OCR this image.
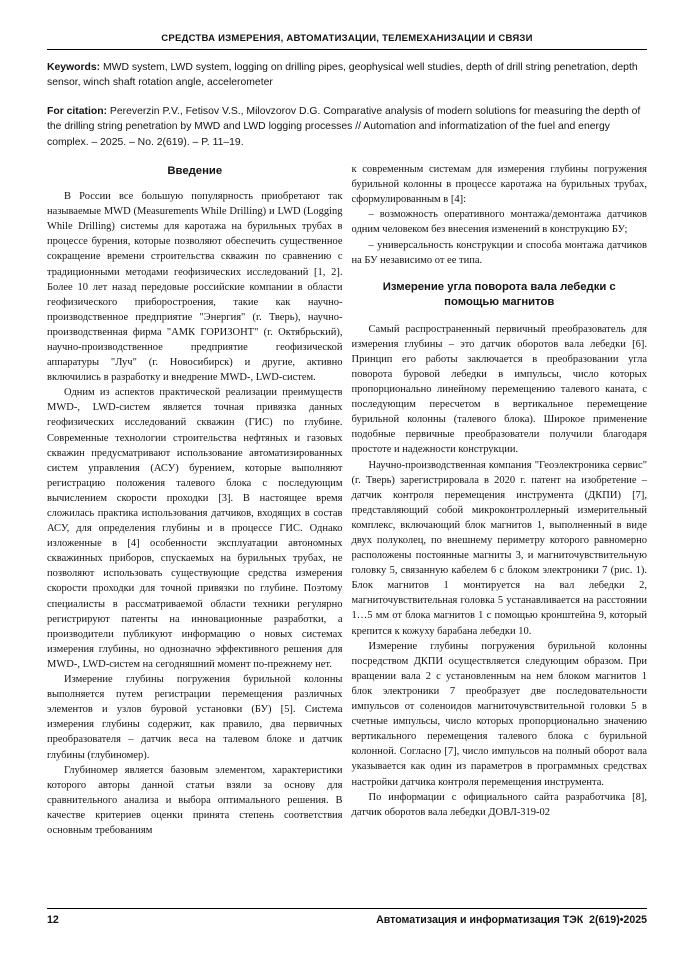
СРЕДСТВА ИЗМЕРЕНИЯ, АВТОМАТИЗАЦИИ, ТЕЛЕМЕХАНИЗАЦИИ И СВЯЗИ

Keywords: MWD system, LWD system, logging on drilling pipes, geophysical well studies, depth of drill string penetration, depth sensor, winch shaft rotation angle, accelerometer

For citation: Pereverzin P.V., Fetisov V.S., Milovzorov D.G. Comparative analysis of modern solutions for measuring the depth of the drilling string penetration by MWD and LWD logging processes // Automation and informatization of the fuel and energy complex. – 2025. – No. 2(619). – P. 11–19.

Введение

В России все большую популярность приобретают так называемые MWD (Measurements While Drilling) и LWD (Logging While Drilling) системы для каротажа на бурильных трубах в процессе бурения, которые позволяют обеспечить существенное сокращение времени строительства скважин по сравнению с традиционными методами геофизических исследований [1, 2]. Более 10 лет назад передовые российские компании в области геофизического приборостроения, такие как научно-производственное предприятие "Энергия" (г. Тверь), научно-производственная фирма "АМК ГОРИЗОНТ" (г. Октябрьский), научно-производственное предприятие геофизической аппаратуры "Луч" (г. Новосибирск) и другие, активно включились в разработку и внедрение MWD-, LWD-систем.

Одним из аспектов практической реализации преимуществ MWD-, LWD-систем является точная привязка данных геофизических исследований скважин (ГИС) по глубине. Современные технологии строительства нефтяных и газовых скважин предусматривают использование автоматизированных систем управления (АСУ) бурением, которые выполняют регистрацию положения талевого блока с последующим вычислением скорости проходки [3]. В настоящее время сложилась практика использования датчиков, входящих в состав АСУ, для определения глубины и в процессе ГИС. Однако изложенные в [4] особенности эксплуатации автономных скважинных приборов, спускаемых на бурильных трубах, не позволяют использовать существующие средства измерения скорости проходки для точной привязки по глубине. Поэтому специалисты в рассматриваемой области техники регулярно регистрируют патенты на инновационные разработки, а производители публикуют информацию о новых системах измерения глубины, но однозначно эффективного решения для MWD-, LWD-систем на сегодняшний момент по-прежнему нет.

Измерение глубины погружения бурильной колонны выполняется путем регистрации перемещения различных элементов и узлов буровой установки (БУ) [5]. Система измерения глубины содержит, как правило, два первичных преобразователя – датчик веса на талевом блоке и датчик глубины (глубиномер).

Глубиномер является базовым элементом, характеристики которого авторы данной статьи взяли за основу для сравнительного анализа и выбора оптимального решения. В качестве критериев оценки принята степень соответствия основным требованиям

к современным системам для измерения глубины погружения бурильной колонны в процессе каротажа на бурильных трубах, сформулированным в [4]:

– возможность оперативного монтажа/демонтажа датчиков одним человеком без внесения изменений в конструкцию БУ;

– универсальность конструкции и способа монтажа датчиков на БУ независимо от ее типа.

Измерение угла поворота вала лебедки с помощью магнитов

Самый распространенный первичный преобразователь для измерения глубины – это датчик оборотов вала лебедки [6]. Принцип его работы заключается в преобразовании угла поворота буровой лебедки в импульсы, число которых пропорционально линейному перемещению талевого каната, с последующим пересчетом в вертикальное перемещение бурильной колонны (талевого блока). Широкое применение подобные первичные преобразователи получили благодаря простоте и надежности конструкции.

Научно-производственная компания "Геоэлектроника сервис" (г. Тверь) зарегистрировала в 2020 г. патент на изобретение – датчик контроля перемещения инструмента (ДКПИ) [7], представляющий собой микроконтроллерный измерительный комплекс, включающий блок магнитов 1, выполненный в виде двух полуколец, по внешнему периметру которого равномерно расположены постоянные магниты 3, и магниточувствительную головку 5, связанную кабелем 6 с блоком электроники 7 (рис. 1). Блок магнитов 1 монтируется на вал лебедки 2, магниточувствительная головка 5 устанавливается на расстоянии 1…5 мм от блока магнитов 1 с помощью кронштейна 9, который крепится к кожуху барабана лебедки 10.

Измерение глубины погружения бурильной колонны посредством ДКПИ осуществляется следующим образом. При вращении вала 2 с установленным на нем блоком магнитов 1 блок электроники 7 преобразует две последовательности импульсов от соленоидов магниточувствительной головки 5 в счетные импульсы, число которых пропорционально значению вертикального перемещения талевого блока с бурильной колонной. Согласно [7], число импульсов на полный оборот вала указывается как один из параметров в программных средствах настройки датчика контроля перемещения инструмента.

По информации с официального сайта разработчика [8], датчик оборотов вала лебедки ДОВЛ-319-02

12	Автоматизация и информатизация ТЭК  2(619)•2025
